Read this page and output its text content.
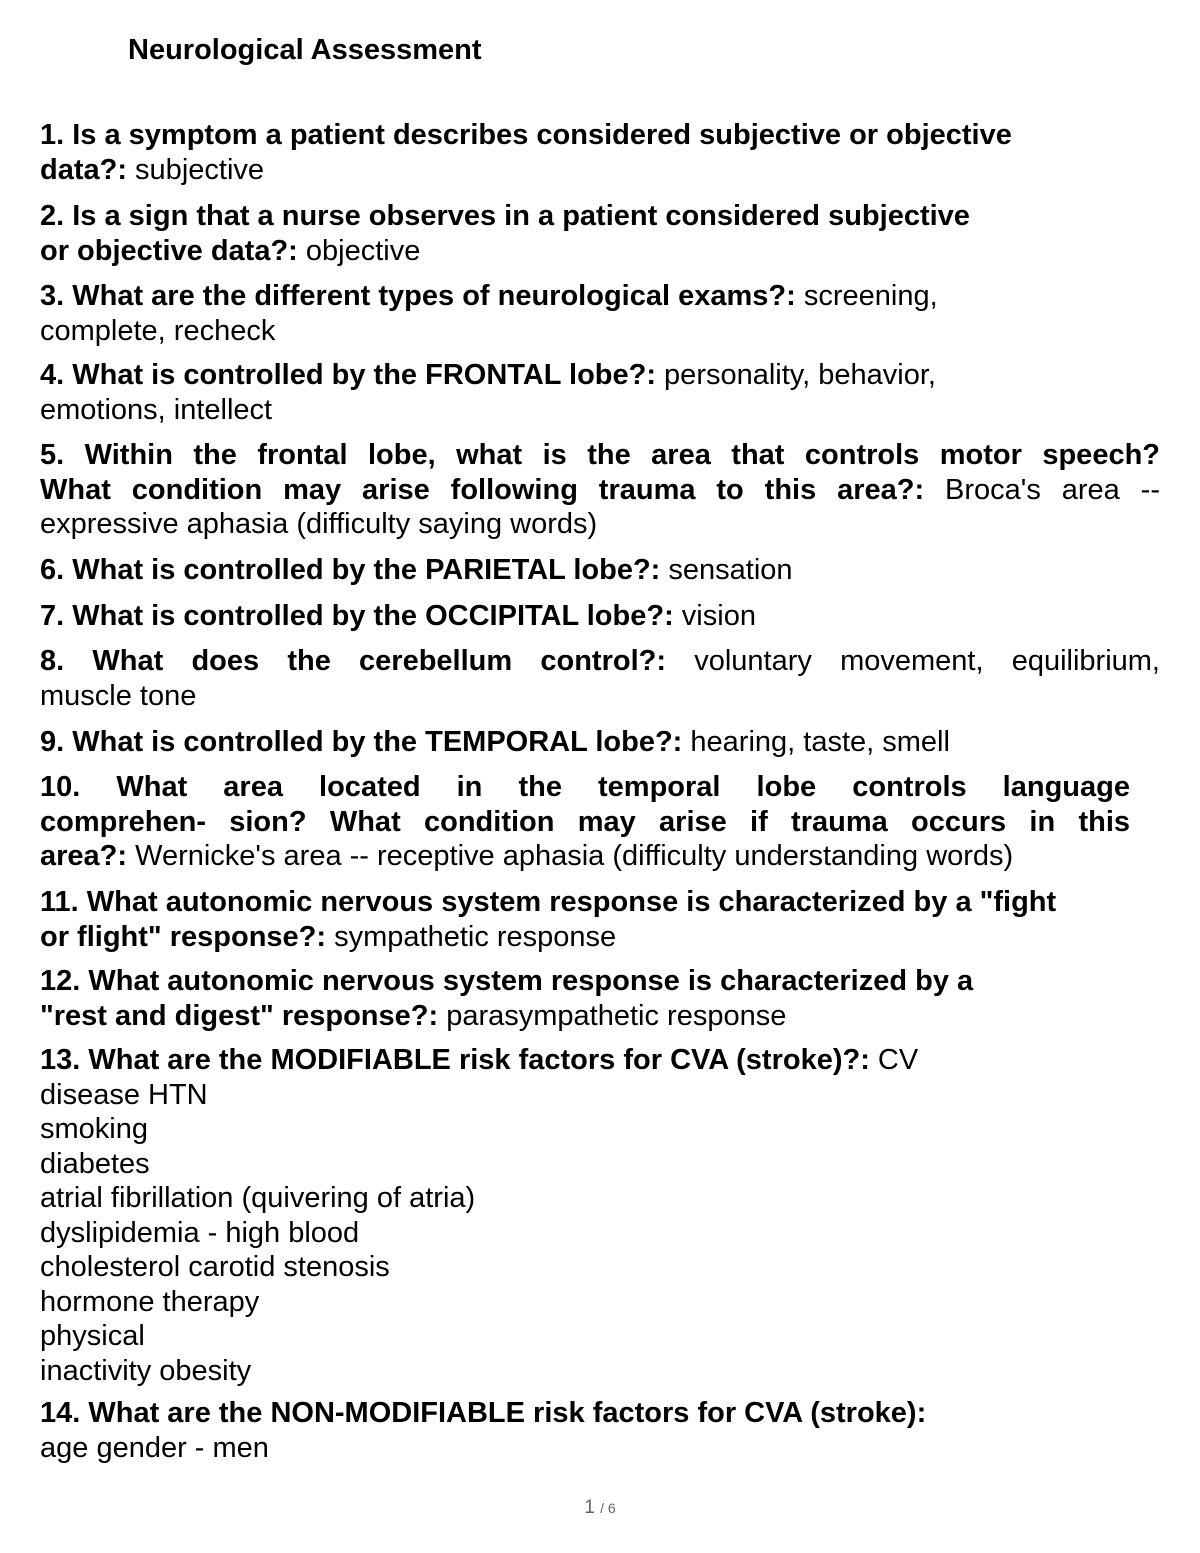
Neurological Assessment
1. Is a symptom a patient describes considered subjective or objective
data?: subjective
2. Is a sign that a nurse observes in a patient considered subjective
or objective data?: objective
3. What are the different types of neurological exams?: screening,
complete, recheck
4. What is controlled by the FRONTAL lobe?: personality, behavior,
emotions, intellect
5. Within the frontal lobe, what is the area that controls motor speech?
What condition may arise following trauma to this area?: Broca's area --
expressive aphasia (difficulty saying words)
6. What is controlled by the PARIETAL lobe?: sensation
7. What is controlled by the OCCIPITAL lobe?: vision
8. What does the cerebellum control?: voluntary movement, equilibrium,
muscle tone
9. What is controlled by the TEMPORAL lobe?: hearing, taste, smell
10. What area located in the temporal lobe controls language
comprehen- sion? What condition may arise if trauma occurs in this
area?: Wernicke's area -- receptive aphasia (difficulty understanding words)
11. What autonomic nervous system response is characterized by a "fight
or flight" response?: sympathetic response
12. What autonomic nervous system response is characterized by a
"rest and digest" response?: parasympathetic response
13. What are the MODIFIABLE risk factors for CVA (stroke)?: CV
disease HTN
smoking
diabetes
atrial fibrillation (quivering of atria)
dyslipidemia - high blood
cholesterol carotid stenosis
hormone therapy
physical
inactivity obesity
14. What are the NON-MODIFIABLE risk factors for CVA (stroke):
age gender - men
1 / 6
